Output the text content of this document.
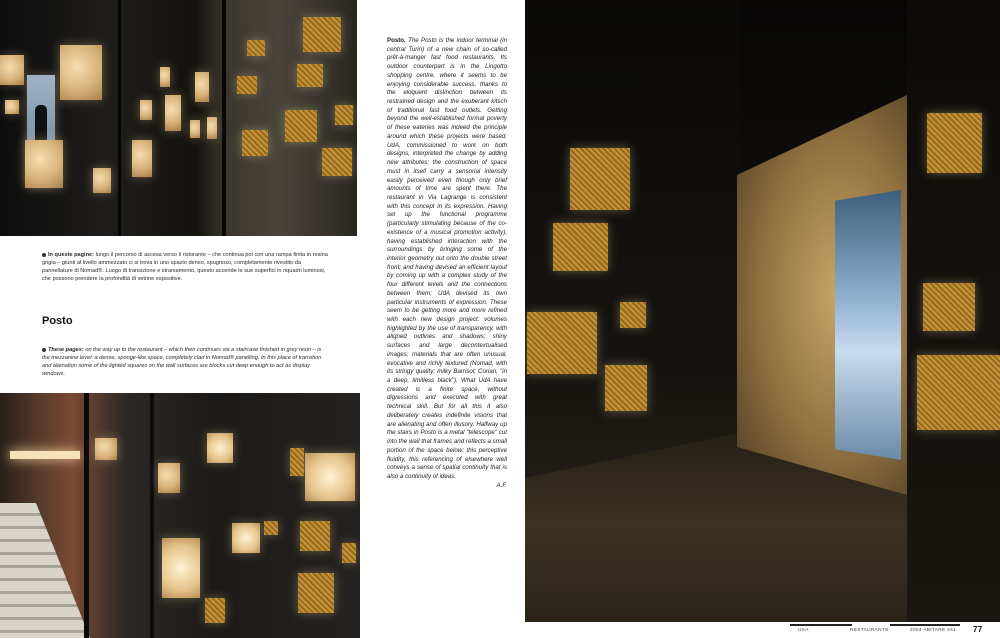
In queste pagine: lungo il percorso di ascesa verso il ristorante – che continua poi con una rampa finita in resina grigia – giunti al livello ammezzato ci si trova in uno spazio denso, spugnoso, completamente rivestito da pannellature di Nomad®. Luogo di transizione e straniamento, questo accende le sue superfici in riquadri luminosi, che possono prendere la profondità di vetrine espositive.
Posto
These pages: on the way up to the restaurant – which then continues via a staircase finished in grey resin – is the mezzanine level: a dense, sponge-like space, completely clad in Nomad® panelling. In this place of transition and alienation some of the lighted squares on the wall surfaces are blocks cut deep enough to act as display windows.
Posto. The Posto is the indoor terminal (in central Turin) of a new chain of so-called prêt-à-manger fast food restaurants. Its outdoor counterpart is in the Lingotto shopping centre, where it seems to be enjoying considerable success, thanks to the eloquent distinction between its restrained design and the exuberant kitsch of traditional fast food outlets. Getting beyond the well-established formal poverty of these eateries was indeed the principle around which these projects were based. UdA, commissioned to work on both designs, interpreted the change by adding new attributes: the construction of space must in itself carry a sensorial intensity easily perceived even though only brief amounts of time are spent there. The restaurant in Via Lagrange is consistent with this concept in its expression. Having set up the functional programme (particularly stimulating because of the co-existence of a musical promotion activity), having established interaction with the surroundings by bringing some of the interior geometry out onto the double street front; and having devised an efficient layout by coming up with a complex study of the four different levels and the connections between them; UdA devised its own particular instruments of expression. These seem to be getting more and more refined with each new design project: volumes highlighted by the use of transparency, with aligned outlines and shadows; shiny surfaces and large decontextualised images; materials that are often unusual, evocative and richly textured (Nomad, with its stringy quality; milky Barrisol; Corian, "in a deep, limitless black"). What UdA have created is a finite space, without digressions and executed with great technical skill. But for all this it also deliberately creates indefinite visions that are alienating and often illusory. Halfway up the stairs in Posto is a metal "telescope" cut into the wall that frames and reflects a small portion of the space below: this perceptive fluidity, this referencing of elsewhere well conveys a sense of spatial continuity that is also a continuity of ideas.
A.F.
USA	RESTAURANTS	2004 ABITARE 441 77
